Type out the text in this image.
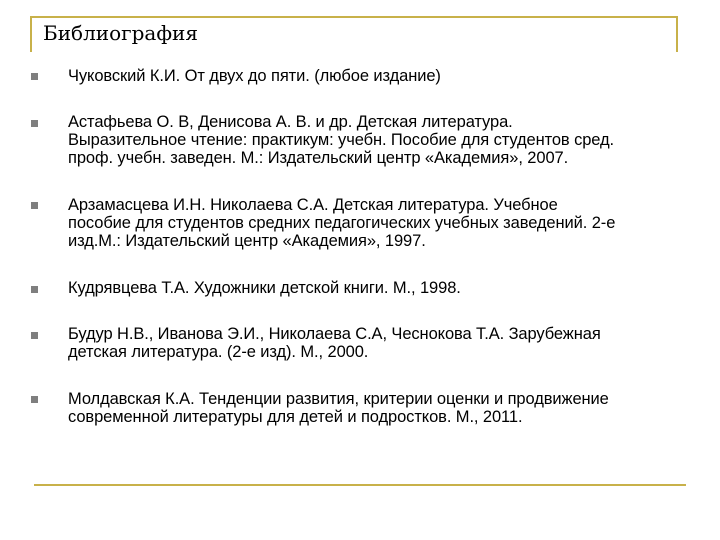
Библиография
Чуковский К.И. От двух до пяти. (любое издание)
Астафьева О. В, Денисова А. В. и др. Детская литература.
Выразительное чтение: практикум: учебн. Пособие для студентов сред.
проф. учебн. заведен. М.: Издательский центр «Академия», 2007.
Арзамасцева И.Н. Николаева С.А. Детская литература. Учебное
пособие для студентов средних педагогических учебных заведений. 2-е
изд.М.: Издательский центр «Академия», 1997.
Кудрявцева Т.А. Художники детской книги. М., 1998.
Будур Н.В., Иванова Э.И., Николаева С.А, Чеснокова Т.А. Зарубежная
детская литература. (2-е изд). М., 2000.
Молдавская К.А. Тенденции развития, критерии оценки и продвижение
современной литературы для детей и подростков. М., 2011.
